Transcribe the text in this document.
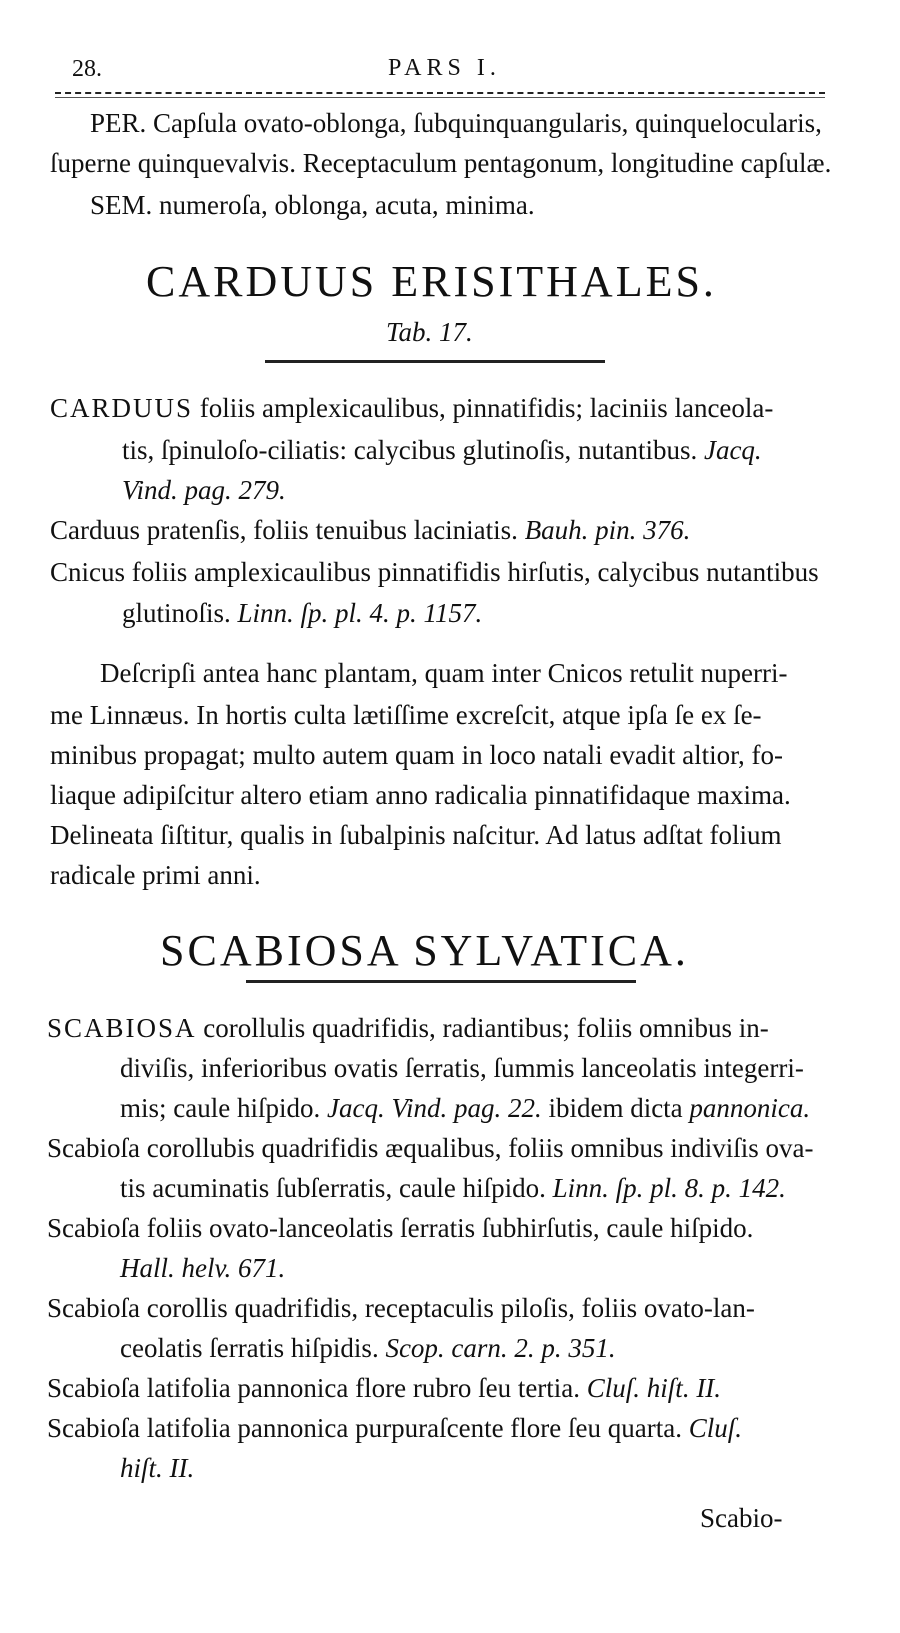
28.	PARS I.
PER. Capſula ovato-oblonga, ſubquinquangularis, quinquelocularis,
ſuperne quinquevalvis. Receptaculum pentagonum, longitudine capſulæ.
SEM. numeroſa, oblonga, acuta, minima.
CARDUUS ERISITHALES.
Tab. 17.
CARDUUS foliis amplexicaulibus, pinnatifidis; laciniis lanceola-
tis, ſpinuloſo-ciliatis: calycibus glutinoſis, nutantibus. Jacq.
Vind. pag. 279.
Carduus pratenſis, foliis tenuibus laciniatis. Bauh. pin. 376.
Cnicus foliis amplexicaulibus pinnatifidis hirſutis, calycibus nutantibus
glutinoſis. Linn. ſp. pl. 4. p. 1157.
Deſcripſi antea hanc plantam, quam inter Cnicos retulit nuperri-
me Linnæus. In hortis culta lætiſſime excreſcit, atque ipſa ſe ex ſe-
minibus propagat; multo autem quam in loco natali evadit altior, fo-
liaque adipiſcitur altero etiam anno radicalia pinnatifidaque maxima.
Delineata ſiſtitur, qualis in ſubalpinis naſcitur. Ad latus adſtat folium
radicale primi anni.
SCABIOSA SYLVATICA.
SCABIOSA corollulis quadrifidis, radiantibus; foliis omnibus in-
diviſis, inferioribus ovatis ſerratis, ſummis lanceolatis integerri-
mis; caule hiſpido. Jacq. Vind. pag. 22. ibidem dicta pannonica.
Scabioſa corollubis quadrifidis æqualibus, foliis omnibus indiviſis ova-
tis acuminatis ſubſerratis, caule hiſpido. Linn. ſp. pl. 8. p. 142.
Scabioſa foliis ovato-lanceolatis ſerratis ſubhirſutis, caule hiſpido.
Hall. helv. 671.
Scabioſa corollis quadrifidis, receptaculis piloſis, foliis ovato-lan-
ceolatis ſerratis hiſpidis. Scop. carn. 2. p. 351.
Scabioſa latifolia pannonica flore rubro ſeu tertia. Cluſ. hiſt. II.
Scabioſa latifolia pannonica purpuraſcente flore ſeu quarta. Cluſ.
hiſt. II.
Scabio-
